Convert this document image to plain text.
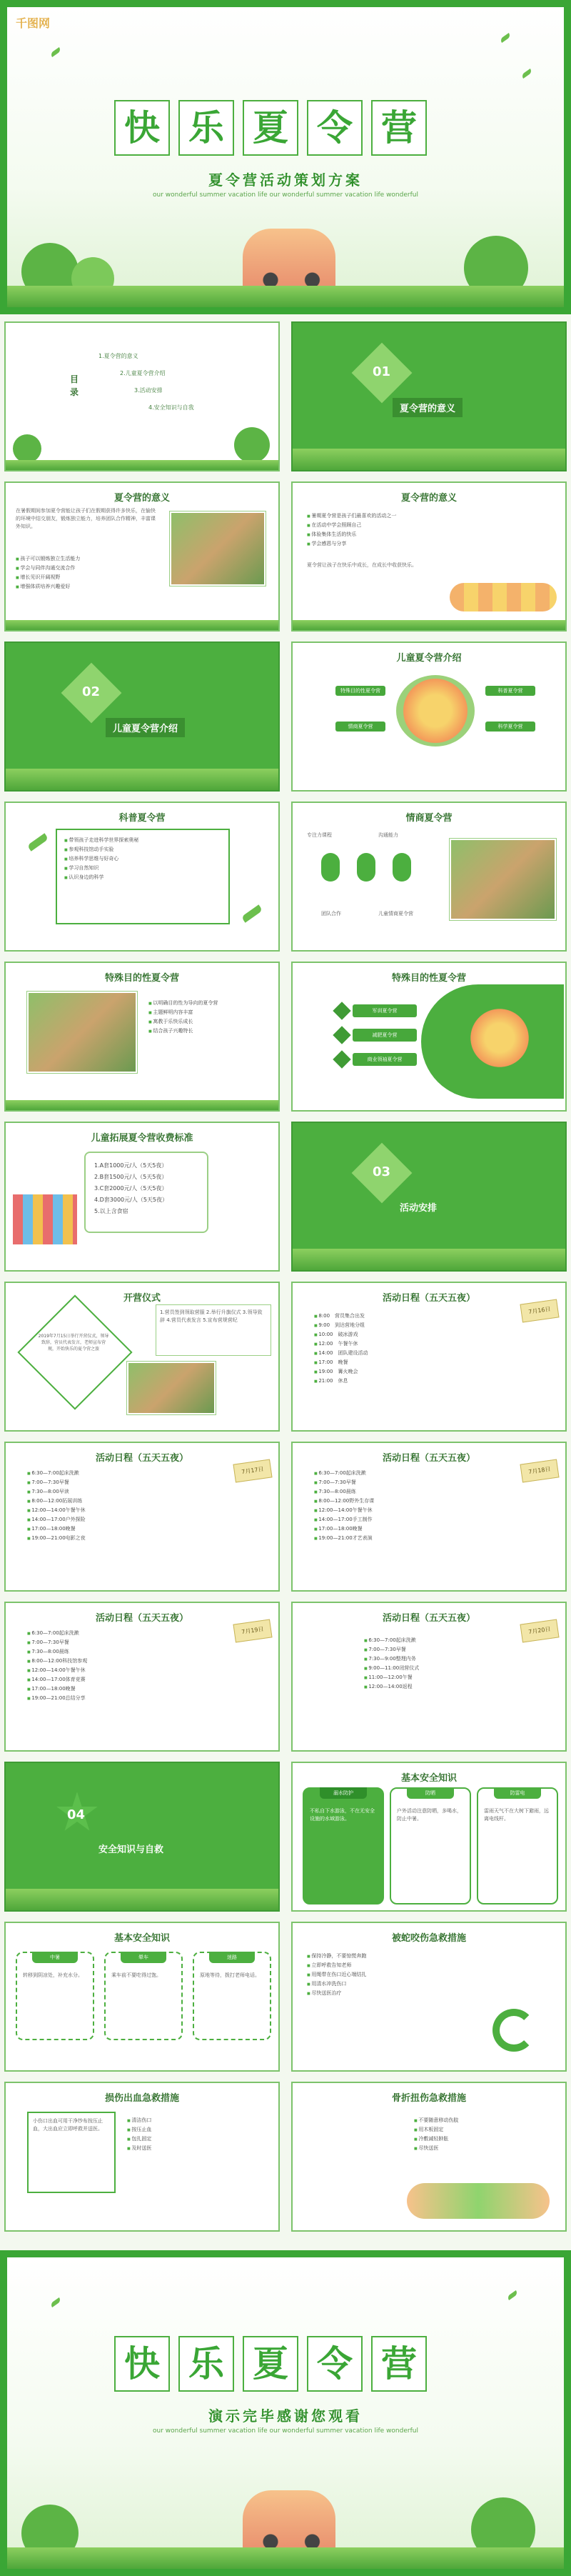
千图网
快 乐 夏 令 营
夏令营活动策划方案
our wonderful summer vacation life our wonderful summer vacation life wonderful
目录
1.夏令营的意义
2.儿童夏令营介绍
3.活动安排
4.安全知识与自我
01
夏令营的意义
夏令营的意义
在暑假期间参加夏令营能让孩子们在假期获得许多快乐，在愉快的环境中结交朋友，锻炼独立能力，培养团队合作精神，丰富课外知识。
■ 孩子可以锻炼独立生活能力
■ 学会与同伴沟通交流合作
■ 增长见识开阔视野
■ 增强体质培养兴趣爱好
夏令营的意义
■ 暑期夏令营是孩子们最喜欢的活动之一
■ 在活动中学会照顾自己
■ 体验集体生活的快乐
■ 学会感恩与分享
夏令营让孩子在快乐中成长，在成长中收获快乐。
02
儿童夏令营介绍
儿童夏令营介绍
特殊目的性夏令营	科普夏令营
情商夏令营	科学夏令营
科普夏令营
■ 带领孩子走进科学世界探索奥秘
■ 参观科技馆动手实验
■ 培养科学思维与好奇心
■ 学习自然知识
■ 认识身边的科学
情商夏令营
专注力课程	沟通能力
团队合作	儿童情商夏令营
特殊目的性夏令营
■ 以明确目的性为导向的夏令营
■ 主题鲜明内容丰富
■ 寓教于乐快乐成长
■ 结合孩子兴趣特长
特殊目的性夏令营
军训夏令营
减肥夏令营
商业领袖夏令营
儿童拓展夏令营收费标准
1.A套1000元/人（5天5夜）
2.B套1500元/人（5天5夜）
3.C套2000元/人（5天5夜）
4.D套3000元/人（5天5夜）
5.以上含食宿
03
活动安排
开营仪式
2019年7月15日举行开营仪式，领导致辞，营员代表发言，老师宣布营规，开始快乐的夏令营之旅
1.营员签到领取营服 2.举行升旗仪式 3.领导致辞 4.营员代表发言 5.宣布营规营纪
活动日程（五天五夜）
7月16日
■ 8:00　营员集合出发
■ 9:00　到达营地分组
■ 10:00　破冰游戏
■ 12:00　午餐午休
■ 14:00　团队建设活动
■ 17:00　晚餐
■ 19:00　篝火晚会
■ 21:00　休息
活动日程（五天五夜）
7月17日
■ 6:30—7:00起床洗漱
■ 7:00—7:30早餐
■ 7:30—8:00早读
■ 8:00—12:00拓展训练
■ 12:00—14:00午餐午休
■ 14:00—17:00户外探险
■ 17:00—18:00晚餐
■ 19:00—21:00电影之夜
活动日程（五天五夜）
7月18日
■ 6:30—7:00起床洗漱
■ 7:00—7:30早餐
■ 7:30—8:00晨练
■ 8:00—12:00野外生存课
■ 12:00—14:00午餐午休
■ 14:00—17:00手工制作
■ 17:00—18:00晚餐
■ 19:00—21:00才艺表演
活动日程（五天五夜）
7月19日
■ 6:30—7:00起床洗漱
■ 7:00—7:30早餐
■ 7:30—8:00晨练
■ 8:00—12:00科技馆参观
■ 12:00—14:00午餐午休
■ 14:00—17:00体育竞赛
■ 17:00—18:00晚餐
■ 19:00—21:00总结分享
活动日程（五天五夜）
7月20日
■ 6:30—7:00起床洗漱
■ 7:00—7:30早餐
■ 7:30—9:00整理内务
■ 9:00—11:00闭营仪式
■ 11:00—12:00午餐
■ 12:00—14:00返程
04
安全知识与自救
基本安全知识
溺水防护
不私自下水游泳，不在无安全设施的水域游泳。
防晒
户外活动注意防晒，多喝水，防止中暑。
防雷电
雷雨天气不在大树下避雨，远离电线杆。
基本安全知识
中暑
转移到阴凉处，补充水分。
晕车
乘车前不要吃得过饱。
迷路
原地等待，拨打老师电话。
被蛇咬伤急救措施
■ 保持冷静，不要惊慌奔跑
■ 立即呼救告知老师
■ 用绳带在伤口近心端结扎
■ 用清水冲洗伤口
■ 尽快送医治疗
损伤出血急救措施
小伤口出血可用干净纱布按压止血，大出血应立即呼救并送医。
■ 清洁伤口
■ 按压止血
■ 包扎固定
■ 及时送医
骨折扭伤急救措施
■ 不要随意移动伤肢
■ 用木板固定
■ 冷敷减轻肿胀
■ 尽快送医
快 乐 夏 令 营
演示完毕感谢您观看
our wonderful summer vacation life our wonderful summer vacation life wonderful
